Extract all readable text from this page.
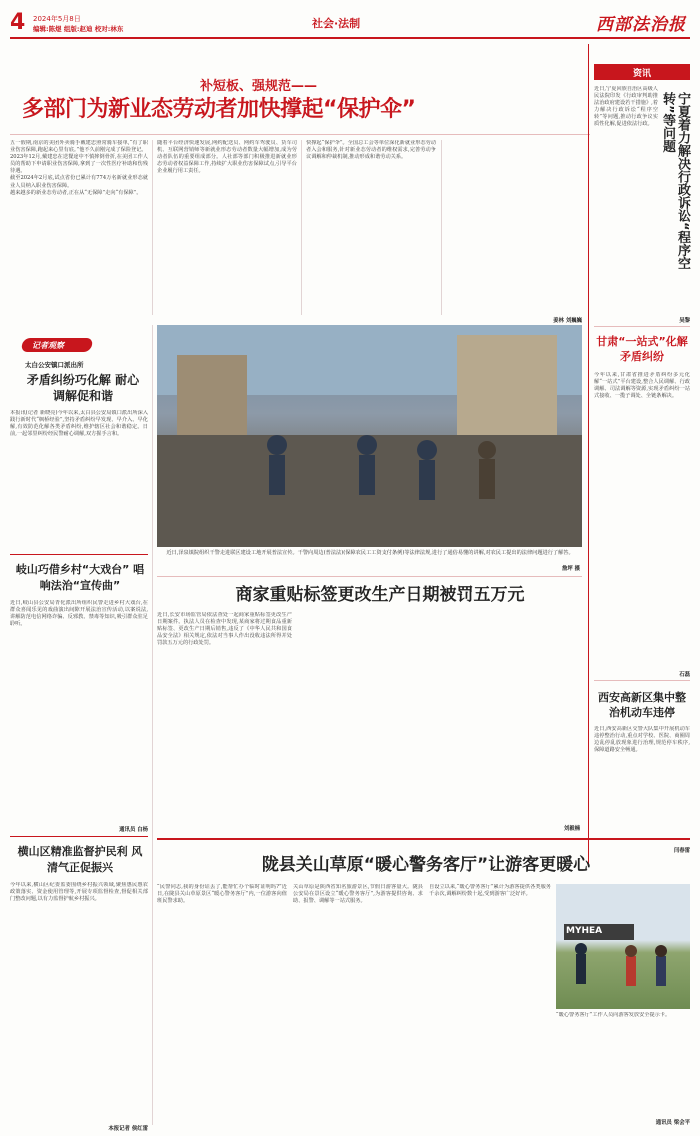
4 2024年5月8日
编辑:陈煜 组版:赵迪 校对:林东	社会·法制	西部法治报
补短板、强规范——
多部门为新业态劳动者加快撑起“保护伞”

五一假期,南京的美团外卖骑手戴建忠照常骑车接单,“有了职业伤害保障,跑起来心里有底。”他不久前刚完成了保险登记。

2023年12月,戴建忠在送餐途中不慎摔倒骨折,在美团工作人员的帮助下申请职业伤害保障,拿到了一次性医疗补助和伤残待遇。

截至2024年2月底,试点省份已累计有774万名新就业形态就业人员纳入职业伤害保障。

越来越多的新业态劳动者,正在从“无保障”走向“有保障”。

随着平台经济快速发展,网约配送员、网约车驾驶员、货车司机、互联网营销师等新就业形态劳动者数量大幅增加,成为劳动者队伍的重要组成部分。人社部等部门积极推进新就业形态劳动者权益保障工作,持续扩大职业伤害保障试点,引导平台企业履行用工责任。
快撑起“保护伞”。全国总工会等单位深化新就业形态劳动者入会和服务,针对新业态劳动者的维权需求,完善劳动争议调解和仲裁机制,推动形成和谐劳动关系。
姜林 刘巍巍
记者观察
太白公安镇口派出所
矛盾纠纷巧化解 耐心调解促和谐
本报讯(记者 新晓亮)今年以来,太白县公安局镇口派出所深入践行新时代“枫桥经验”,坚持矛盾纠纷早发现、早介入、早化解,有效防范化解各类矛盾纠纷,维护辖区社会和谐稳定。日前,一起邻里纠纷经民警耐心调解,双方握手言和。
岐山巧借乡村“大戏台” 唱响法治“宣传曲”
近日,岐山县公安局青化派出所组织民警走进乡村大戏台,在群众喜闻乐见的戏曲演出间隙开展法治宣传活动,以案说法,讲解防范电信网络诈骗、反邪教、禁毒等知识,吸引群众驻足聆听。
通讯员 白杨
横山区精准监督护民利 风清气正促振兴
今年以来,横山区纪委监委围绕乡村振兴领域,聚焦惠民惠农政策落实、资金使用管理等,开展专项监督检查,督促相关部门整改问题,以有力监督护航乡村振兴。
本报记者 侯红雷
近日,泽泉镇院组织干警走进联区建设工地开展普法宣传。干警向周边(普法法)(保障农民工工资支付条例)等法律法规,进行了通俗易懂的讲解,对农民工提出的法律问题进行了解答。
詹坪 摄
商家重贴标签更改生产日期被罚五万元
近日,长安市场监管局依法查处一起商家重贴标签更改生产日期案件。执法人员在检查中发现,某商家将过期食品重新贴标签、更改生产日期后销售,违反了《中华人民共和国食品安全法》相关规定,依法对当事人作出没收违法所得并处罚款五万元的行政处罚。
刘毅楠
资讯
近日,宁夏回族自治区高级人民法院印发《行政审判助推法治政府建设若干措施》,着力解决行政诉讼“程序空转”等问题,推动行政争议实质性化解,促进依法行政。	宁夏着力解决行政诉讼“程序空转”等问题
吴黎
甘肃“一站式”化解矛盾纠纷
今年以来,甘肃省推进矛盾纠纷多元化解“一站式”平台建设,整合人民调解、行政调解、司法调解等资源,实现矛盾纠纷一站式接收、一揽子调处、全链条解决。
石磊
西安高新区集中整治机动车违停
近日,西安高新区交警大队集中开展机动车违停整治行动,重点对学校、医院、商圈周边乱停乱放现象进行治理,规范停车秩序,保障道路安全畅通。
闫春雷
陇县关山草原“暖心警务客厅”让游客更暖心
“民警同志,我的身份证丢了,能帮忙办个临时证明吗?”近日,在陇县关山草原景区“暖心警务客厅”内,一位游客向值班民警求助。
关山草原是陕西省知名旅游景区,节假日游客量大。陇县公安局在景区设立“暖心警务客厅”,为游客提供咨询、求助、报警、调解等一站式服务。
自设立以来,“暖心警务客厅”累计为游客提供各类服务千余次,调解纠纷数十起,受到游客广泛好评。
MYHEA
“暖心警务客厅”工作人员向游客发放安全提示卡。
通讯员 梁会平
